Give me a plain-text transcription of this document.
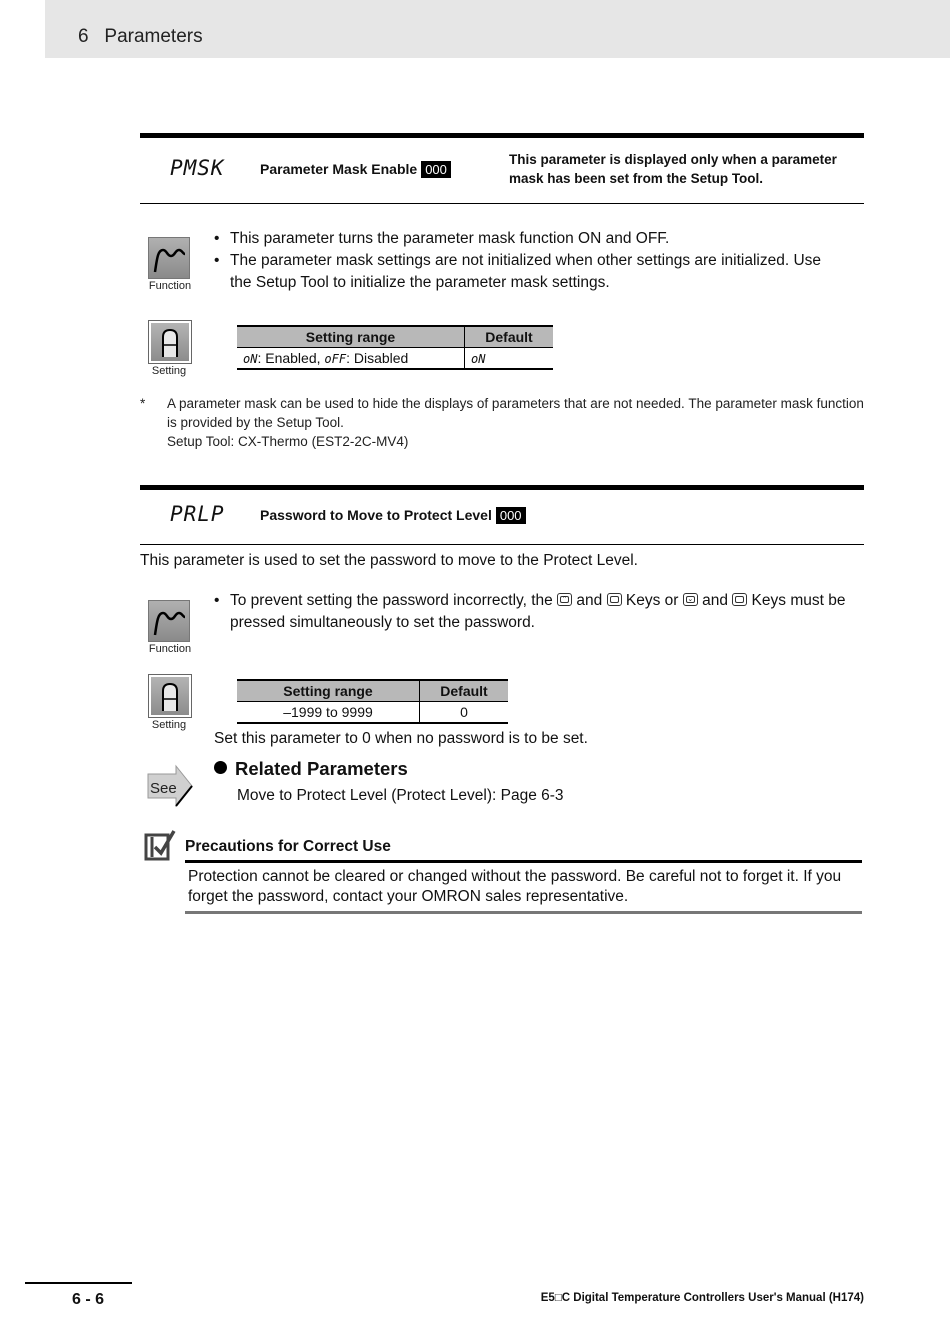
6   Parameters
PMSK	Parameter Mask Enable 000
This parameter is displayed only when a parameter mask has been set from the Setup Tool.
Function
• This parameter turns the parameter mask function ON and OFF.
• The parameter mask settings are not initialized when other settings are initialized. Use the Setup Tool to initialize the parameter mask settings.
Setting
Setting range	Default
oN: Enabled, oFF: Disabled	oN
* A parameter mask can be used to hide the displays of parameters that are not needed. The parameter mask function is provided by the Setup Tool.
Setup Tool: CX-Thermo (EST2-2C-MV4)
PRLP	Password to Move to Protect Level 000
This parameter is used to set the password to move to the Protect Level.
Function
• To prevent setting the password incorrectly, the ⌃ and
Keys or ⌄ and
Keys must be pressed simultaneously to set the password.
Setting
Setting range	Default
–1999 to 9999	0
Set this parameter to 0 when no password is to be set.
See
Related Parameters
Move to Protect Level (Protect Level): Page 6-3
Precautions for Correct Use
Protection cannot be cleared or changed without the password. Be careful not to forget it. If you forget the password, contact your OMRON sales representative.
6 - 6	E5□C Digital Temperature Controllers User's Manual (H174)
